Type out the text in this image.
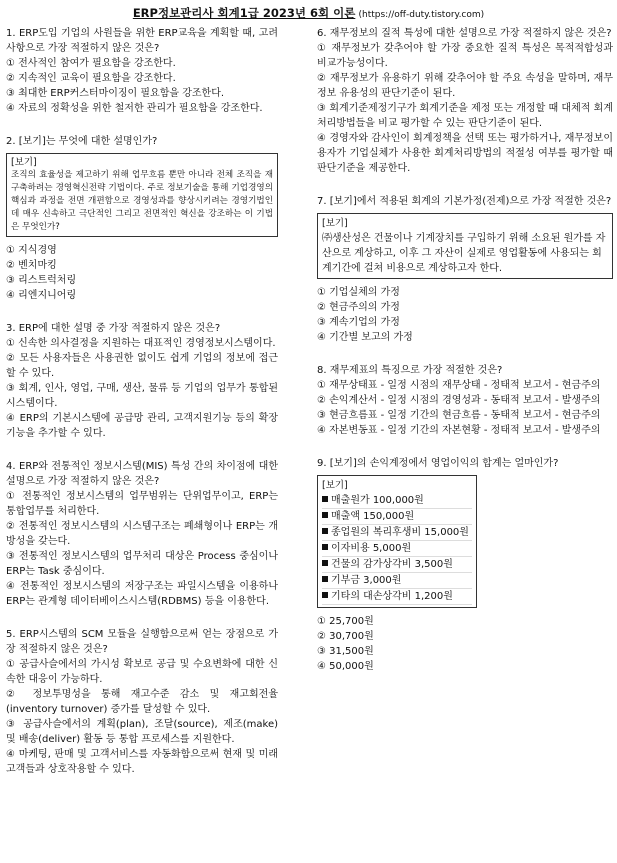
ERP정보관리사 회계1급 2023년 6회 이론 (https://off-duty.tistory.com)
1. ERP도입 기업의 사원들을 위한 ERP교육을 계획할 때, 고려사항으로 가장 적절하지 않은 것은?
① 전사적인 참여가 필요함을 강조한다.
② 지속적인 교육이 필요함을 강조한다.
③ 최대한 ERP커스터마이징이 필요함을 강조한다.
④ 자료의 정확성을 위한 철저한 관리가 필요함을 강조한다.
2. [보기]는 무엇에 대한 설명인가?
[보기]
조직의 효율성을 제고하기 위해 업무흐름 뿐만 아니라 전체 조직을 재구축하려는 경영혁신전략 기법이다. 주로 정보기술을 통해 기업경영의 핵심과 과정을 전면 개편함으로 경영성과를 향상시키려는 경영기법인데 매우 신속하고 극단적인 그리고 전면적인 혁신을 강조하는 이 기법은 무엇인가?
① 지식경영
② 벤치마킹
③ 리스트럭처링
④ 리엔지니어링
3. ERP에 대한 설명 중 가장 적절하지 않은 것은?
① 신속한 의사결정을 지원하는 대표적인 경영정보시스템이다.
② 모든 사용자들은 사용권한 없이도 쉽게 기업의 정보에 접근할 수 있다.
③ 회계, 인사, 영업, 구매, 생산, 물류 등 기업의 업무가 통합된 시스템이다.
④ ERP의 기본시스템에 공급망 관리, 고객지원기능 등의 확장기능을 추가할 수 있다.
4. ERP와 전통적인 정보시스템(MIS) 특성 간의 차이점에 대한 설명으로 가장 적절하지 않은 것은?
① 전통적인 정보시스템의 업무범위는 단위업무이고, ERP는 통합업무를 처리한다.
② 전통적인 정보시스템의 시스템구조는 폐쇄형이나 ERP는 개방성을 갖는다.
③ 전통적인 정보시스템의 업무처리 대상은 Process 중심이나 ERP는 Task 중심이다.
④ 전통적인 정보시스템의 저장구조는 파일시스템을 이용하나 ERP는 관계형 데이터베이스시스템(RDBMS) 등을 이용한다.
5. ERP시스템의 SCM 모듈을 실행함으로써 얻는 장점으로 가장 적절하지 않은 것은?
① 공급사슬에서의 가시성 확보로 공급 및 수요변화에 대한 신속한 대응이 가능하다.
② 정보투명성을 통해 재고수준 감소 및 재고회전율(inventory turnover) 증가를 달성할 수 있다.
③ 공급사슬에서의 계획(plan), 조달(source), 제조(make) 및 배송(deliver) 활동 등 통합 프로세스를 지원한다.
④ 마케팅, 판매 및 고객서비스를 자동화함으로써 현재 및 미래 고객들과 상호작용할 수 있다.
6. 재무정보의 질적 특성에 대한 설명으로 가장 적절하지 않은 것은?
① 재무정보가 갖추어야 할 가장 중요한 질적 특성은 목적적합성과 비교가능성이다.
② 재무정보가 유용하기 위해 갖추어야 할 주요 속성을 말하며, 재무정보 유용성의 판단기준이 된다.
③ 회계기준제정기구가 회계기준을 제정 또는 개정할 때 대체적 회계처리방법들을 비교 평가할 수 있는 판단기준이 된다.
④ 경영자와 감사인이 회계정책을 선택 또는 평가하거나, 재무정보이용자가 기업실체가 사용한 회계처리방법의 적절성 여부를 평가할 때 판단기준을 제공한다.
7. [보기]에서 적용된 회계의 기본가정(전제)으로 가장 적절한 것은?
[보기]
㈜생산성은 건물이나 기계장치를 구입하기 위해 소요된 원가를 자산으로 계상하고, 이후 그 자산이 실제로 영업활동에 사용되는 회계기간에 걸쳐 비용으로 계상하고자 한다.
① 기업실체의 가정
② 현금주의의 가정
③ 계속기업의 가정
④ 기간별 보고의 가정
8. 재무제표의 특징으로 가장 적절한 것은?
① 재무상태표 - 일정 시점의 재무상태 - 정태적 보고서 - 현금주의
② 손익계산서 - 일정 시점의 경영성과 - 동태적 보고서 - 발생주의
③ 현금흐름표 - 일정 기간의 현금흐름 - 동태적 보고서 - 현금주의
④ 자본변동표 - 일정 기간의 자본현황 - 정태적 보고서 - 발생주의
9. [보기]의 손익계정에서 영업이익의 합계는 얼마인가?
[보기]
매출원가 100,000원
매출액 150,000원
종업원의 복리후생비 15,000원
이자비용 5,000원
건물의 감가상각비 3,500원
기부금 3,000원
기타의 대손상각비 1,200원
① 25,700원
② 30,700원
③ 31,500원
④ 50,000원
